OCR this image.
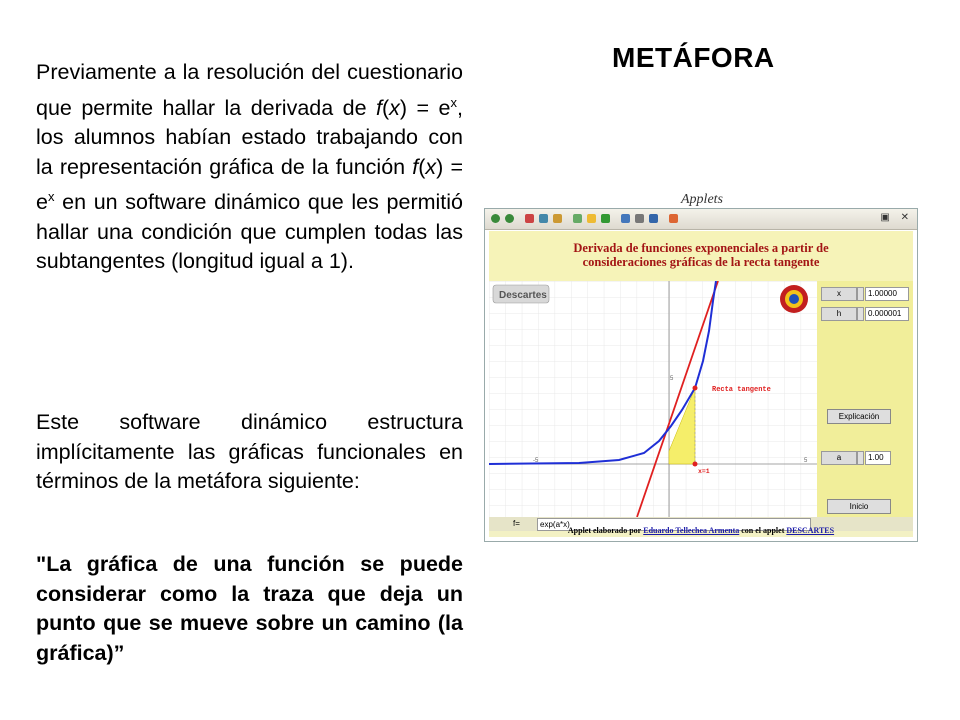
METÁFORA
Previamente a la resolución del cuestionario que permite hallar la derivada de $f(x) = e^x$, los alumnos habían estado trabajando con la representación gráfica de la función $f(x) = e^x$ en un software dinámico que les permitió hallar una condición que cumplen todas las subtangentes (longitud igual a 1).
Este software dinámico estructura implícitamente las gráficas funcionales en términos de la metáfora siguiente:
"La gráfica de una función se puede considerar como la traza que deja un punto que se mueve sobre un camino (la gráfica)”
Applets
▣ ✕
Derivada de funciones exponenciales a partir de
consideraciones gráficas de la recta tangente
Recta tangente
x=1
5
-5	5
Descartes	x	1.00000
h	0.000001
Explicación
a	1.00
Inicio
f=	exp(a*x)
Applet elaborado por Eduardo Tellechea Armenta con el applet DESCARTES
